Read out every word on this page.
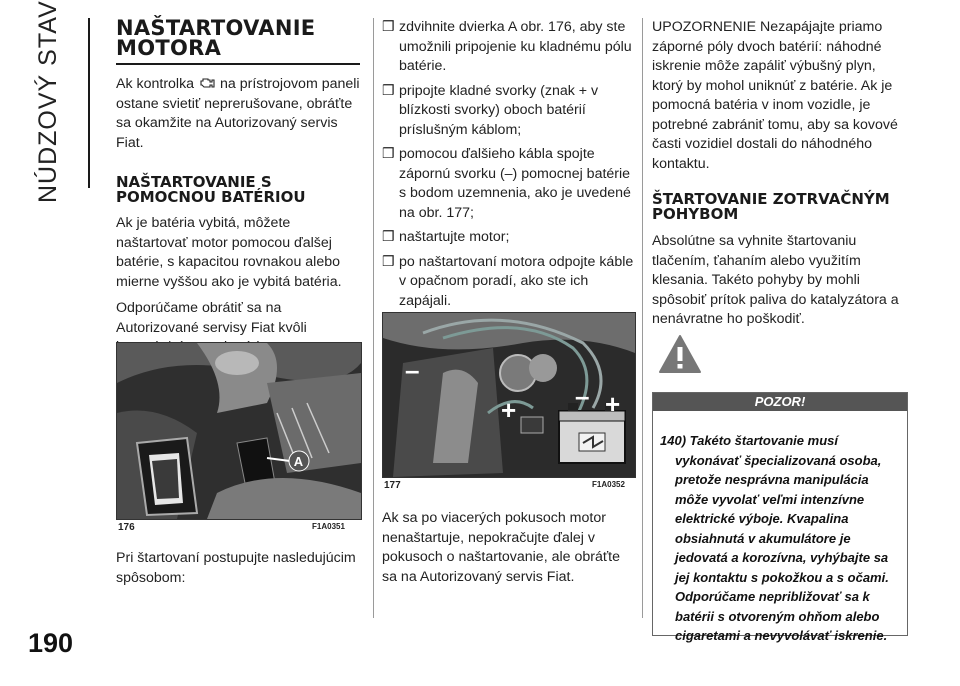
NÚDZOVÝ STAV
190
NAŠTARTOVANIE MOTORA

Ak kontrolka na prístrojovom paneli ostane svietiť neprerušovane, obráťte sa okamžite na Autorizovaný servis Fiat.

NAŠTARTOVANIE S POMOCNOU BATÉRIOU

Ak je batéria vybitá, môžete naštartovať motor pomocou ďalšej batérie, s kapacitou rovnakou alebo mierne vyššou ako je vybitá batéria.

Odporúčame obrátiť sa na Autorizované servisy Fiat kvôli

A
176	F1A0351

Pri štartovaní postupujte nasledujúcim spôsobom:

❒ zdvihnite dvierka A obr. 176, aby ste umožnili pripojenie ku kladnému pólu batérie.
❒ pripojte kladné svorky (znak + v blízkosti svorky) oboch batérií príslušným káblom;
❒ pomocou ďalšieho kábla spojte zápornú svorku (–) pomocnej batérie s bodom uzemnenia, ako je uvedené na obr. 177;
❒ naštartujte motor;
❒ po naštartovaní motora odpojte káble v opačnom poradí, ako ste ich zapájali.
–
+ – +
177	F1A0352

Ak sa po viacerých pokusoch motor nenaštartuje, nepokračujte ďalej v pokusoch o naštartovanie, ale obráťte sa na Autorizovaný servis Fiat.

UPOZORNENIE Nezapájajte priamo záporné póly dvoch batérií: náhodné iskrenie môže zapáliť výbušný plyn, ktorý by mohol uniknúť z batérie. Ak je pomocná batéria v inom vozidle, je potrebné zabrániť tomu, aby sa kovové časti vozidiel dostali do náhodného kontaktu.

ŠTARTOVANIE ZOTRVAČNÝM POHYBOM

Absolútne sa vyhnite štartovaniu tlačením, ťahaním alebo využitím klesania. Takéto pohyby by mohli spôsobiť prítok paliva do katalyzátora a nenávratne ho poškodiť.

POZOR!
140) Takéto štartovanie musí vykonávať špecializovaná osoba, pretože nesprávna manipulácia môže vyvolať veľmi intenzívne elektrické výboje. Kvapalina obsiahnutá v akumulátore je jedovatá a korozívna, vyhýbajte sa jej kontaktu s pokožkou a s očami. Odporúčame nepribližovať sa k batérii s otvoreným ohňom alebo cigaretami a nevyvolávať iskrenie.
